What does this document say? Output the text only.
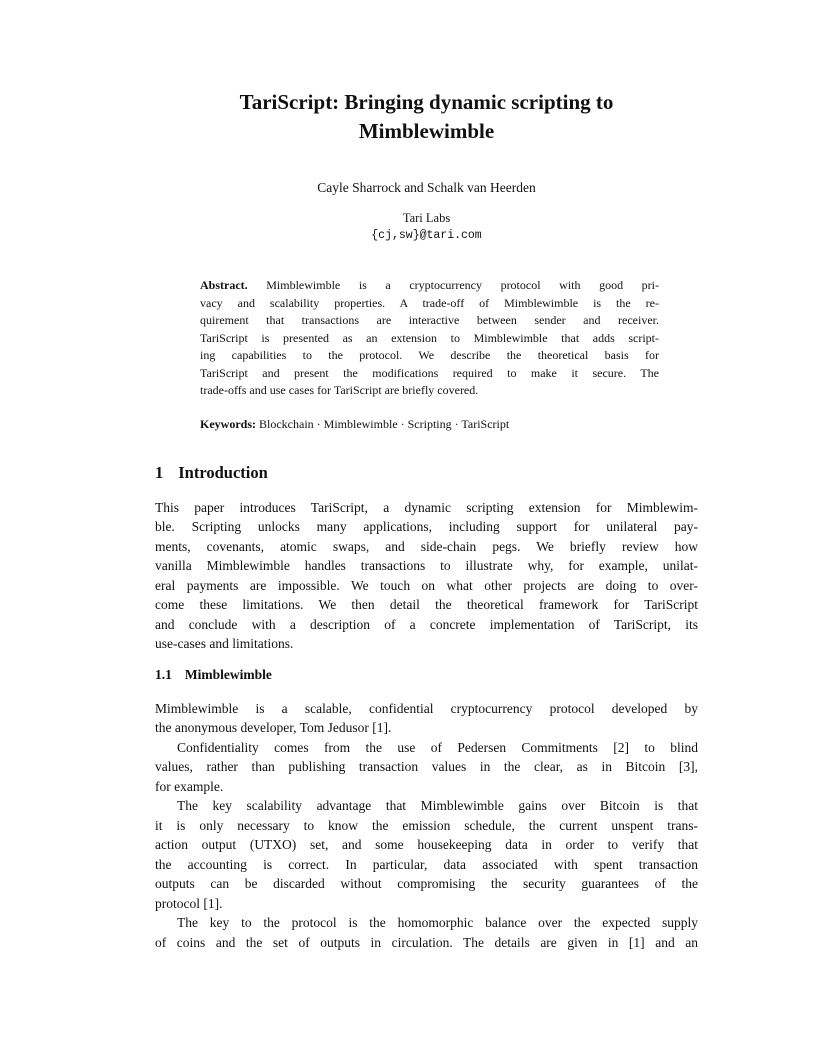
TariScript: Bringing dynamic scripting to
Mimblewimble
Cayle Sharrock and Schalk van Heerden
Tari Labs
{cj,sw}@tari.com
Abstract. Mimblewimble is a cryptocurrency protocol with good pri-
vacy and scalability properties. A trade-off of Mimblewimble is the re-
quirement that transactions are interactive between sender and receiver.
TariScript is presented as an extension to Mimblewimble that adds script-
ing capabilities to the protocol. We describe the theoretical basis for
TariScript and present the modifications required to make it secure. The
trade-offs and use cases for TariScript are briefly covered.
Keywords: Blockchain · Mimblewimble · Scripting · TariScript
1 Introduction
This paper introduces TariScript, a dynamic scripting extension for Mimblewim-
ble. Scripting unlocks many applications, including support for unilateral pay-
ments, covenants, atomic swaps, and side-chain pegs. We briefly review how
vanilla Mimblewimble handles transactions to illustrate why, for example, unilat-
eral payments are impossible. We touch on what other projects are doing to over-
come these limitations. We then detail the theoretical framework for TariScript
and conclude with a description of a concrete implementation of TariScript, its
use-cases and limitations.
1.1 Mimblewimble
Mimblewimble is a scalable, confidential cryptocurrency protocol developed by
the anonymous developer, Tom Jedusor [1].
Confidentiality comes from the use of Pedersen Commitments [2] to blind
values, rather than publishing transaction values in the clear, as in Bitcoin [3],
for example.
The key scalability advantage that Mimblewimble gains over Bitcoin is that
it is only necessary to know the emission schedule, the current unspent trans-
action output (UTXO) set, and some housekeeping data in order to verify that
the accounting is correct. In particular, data associated with spent transaction
outputs can be discarded without compromising the security guarantees of the
protocol [1].
The key to the protocol is the homomorphic balance over the expected supply
of coins and the set of outputs in circulation. The details are given in [1] and an
